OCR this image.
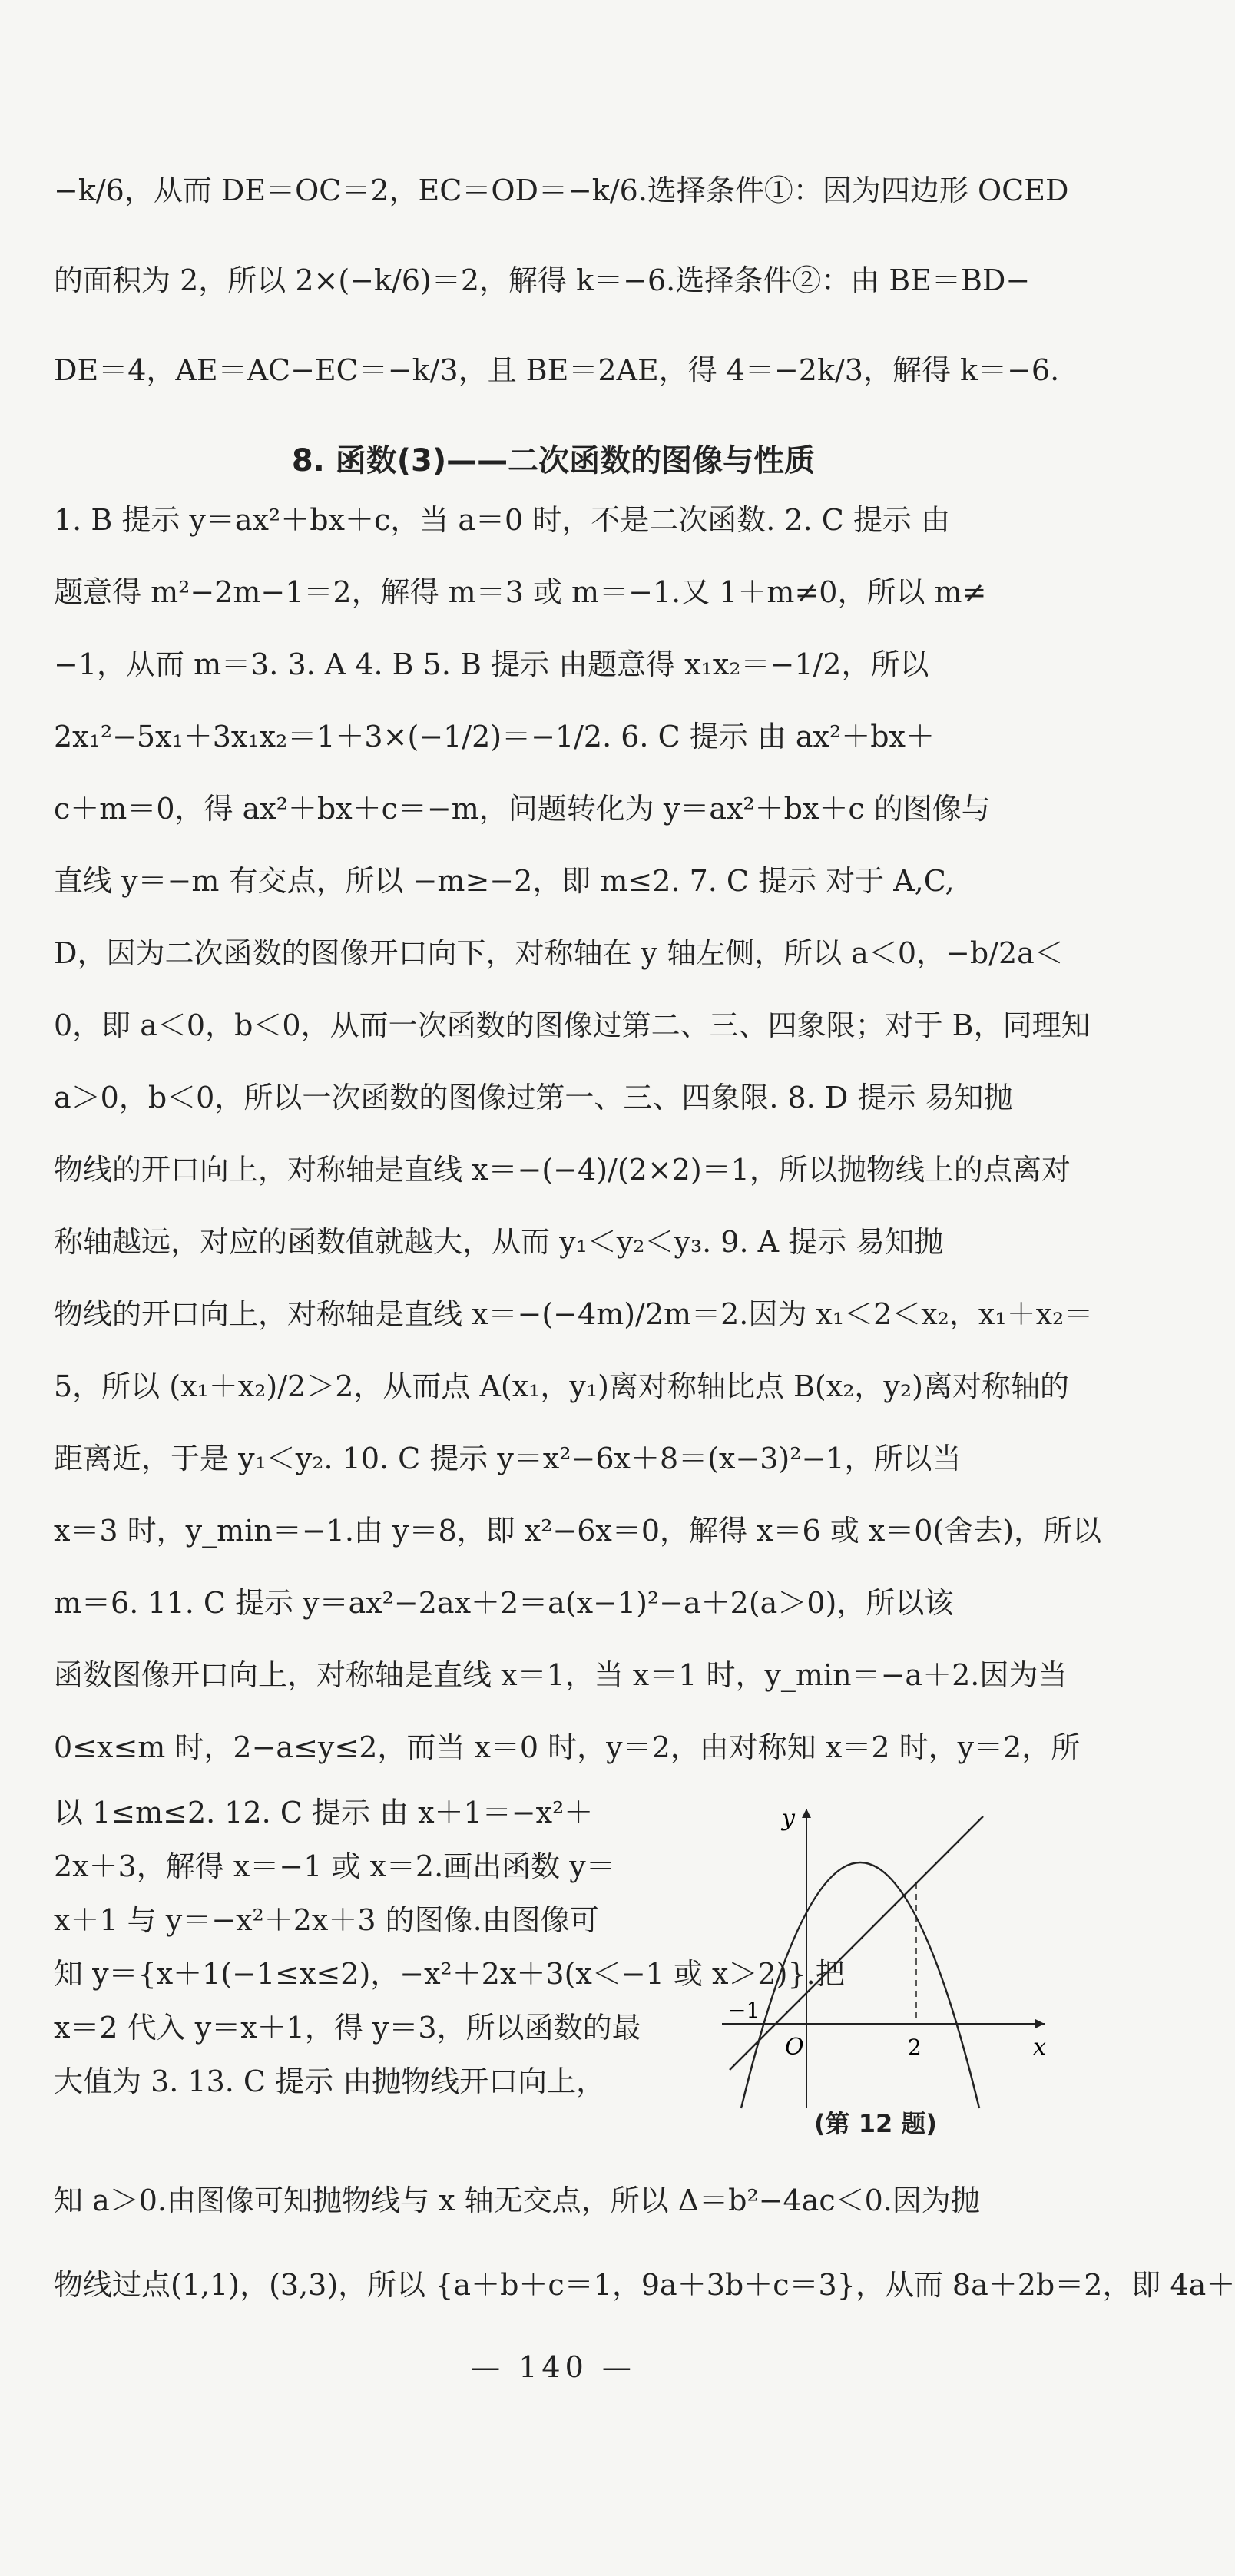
−k/6，从而 DE＝OC＝2，EC＝OD＝−k/6.选择条件①：因为四边形 OCED
的面积为 2，所以 2×(−k/6)＝2，解得 k＝−6.选择条件②：由 BE＝BD−
DE＝4，AE＝AC−EC＝−k/3，且 BE＝2AE，得 4＝−2k/3，解得 k＝−6.
8. 函数(3)——二次函数的图像与性质
1. B 提示 y＝ax²＋bx＋c，当 a＝0 时，不是二次函数. 2. C 提示 由
题意得 m²−2m−1＝2，解得 m＝3 或 m＝−1.又 1＋m≠0，所以 m≠
−1，从而 m＝3. 3. A 4. B 5. B 提示 由题意得 x₁x₂＝−1/2，所以
2x₁²−5x₁＋3x₁x₂＝1＋3×(−1/2)＝−1/2. 6. C 提示 由 ax²＋bx＋
c＋m＝0，得 ax²＋bx＋c＝−m，问题转化为 y＝ax²＋bx＋c 的图像与
直线 y＝−m 有交点，所以 −m≥−2，即 m≤2. 7. C 提示 对于 A,C,
D，因为二次函数的图像开口向下，对称轴在 y 轴左侧，所以 a＜0，−b/2a＜
0，即 a＜0，b＜0，从而一次函数的图像过第二、三、四象限；对于 B，同理知
a＞0，b＜0，所以一次函数的图像过第一、三、四象限. 8. D 提示 易知抛
物线的开口向上，对称轴是直线 x＝−(−4)/(2×2)＝1，所以抛物线上的点离对
称轴越远，对应的函数值就越大，从而 y₁＜y₂＜y₃. 9. A 提示 易知抛
物线的开口向上，对称轴是直线 x＝−(−4m)/2m＝2.因为 x₁＜2＜x₂，x₁＋x₂＝
5，所以 (x₁＋x₂)/2＞2，从而点 A(x₁，y₁)离对称轴比点 B(x₂，y₂)离对称轴的
距离近，于是 y₁＜y₂. 10. C 提示 y＝x²−6x＋8＝(x−3)²−1，所以当
x＝3 时，y_min＝−1.由 y＝8，即 x²−6x＝0，解得 x＝6 或 x＝0(舍去)，所以
m＝6. 11. C 提示 y＝ax²−2ax＋2＝a(x−1)²−a＋2(a＞0)，所以该
函数图像开口向上，对称轴是直线 x＝1，当 x＝1 时，y_min＝−a＋2.因为当
0≤x≤m 时，2−a≤y≤2，而当 x＝0 时，y＝2，由对称知 x＝2 时，y＝2，所
以 1≤m≤2. 12. C 提示 由 x＋1＝−x²＋
2x＋3，解得 x＝−1 或 x＝2.画出函数 y＝
x＋1 与 y＝−x²＋2x＋3 的图像.由图像可
知 y＝{x＋1(−1≤x≤2)，−x²＋2x＋3(x＜−1 或 x＞2)}.把
x＝2 代入 y＝x＋1，得 y＝3，所以函数的最
大值为 3. 13. C 提示 由抛物线开口向上，
y
x
O
−1
2
(第 12 题)
知 a＞0.由图像可知抛物线与 x 轴无交点，所以 Δ＝b²−4ac＜0.因为抛
物线过点(1,1)，(3,3)，所以 {a＋b＋c＝1，9a＋3b＋c＝3}，从而 8a＋2b＝2，即 4a＋
— 140 —
